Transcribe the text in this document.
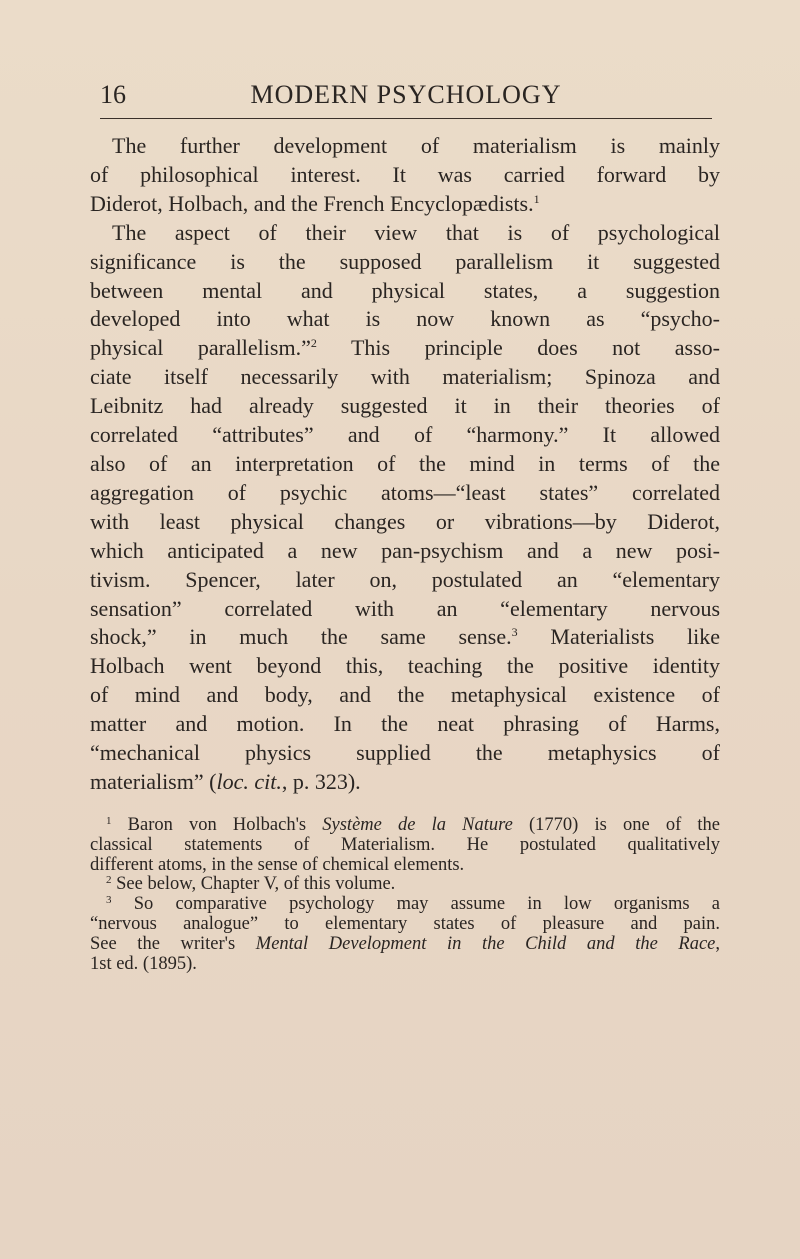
16	MODERN PSYCHOLOGY

The further development of materialism is mainly
of philosophical interest. It was carried forward by
Diderot, Holbach, and the French Encyclopædists.$^1$

The aspect of their view that is of psychological
significance is the supposed parallelism it suggested
between mental and physical states, a suggestion
developed into what is now known as “psycho-
physical parallelism.”$^2$ This principle does not asso-
ciate itself necessarily with materialism; Spinoza and
Leibnitz had already suggested it in their theories of
correlated “attributes” and of “harmony.” It allowed
also of an interpretation of the mind in terms of the
aggregation of psychic atoms—“least states” correlated
with least physical changes or vibrations—by Diderot,
which anticipated a new pan-psychism and a new posi-
tivism. Spencer, later on, postulated an “elementary
sensation” correlated with an “elementary nervous
shock,” in much the same sense.$^3$ Materialists like
Holbach went beyond this, teaching the positive identity
of mind and body, and the metaphysical existence of
matter and motion. In the neat phrasing of Harms,
“mechanical physics supplied the metaphysics of
materialism” (loc. cit., p. 323).

$^1$ Baron von Holbach's Système de la Nature (1770) is one of the
classical statements of Materialism. He postulated qualitatively
different atoms, in the sense of chemical elements.
$^2$ See below, Chapter V, of this volume.
$^3$ So comparative psychology may assume in low organisms a
“nervous analogue” to elementary states of pleasure and pain.
See the writer's Mental Development in the Child and the Race,
1st ed. (1895).
